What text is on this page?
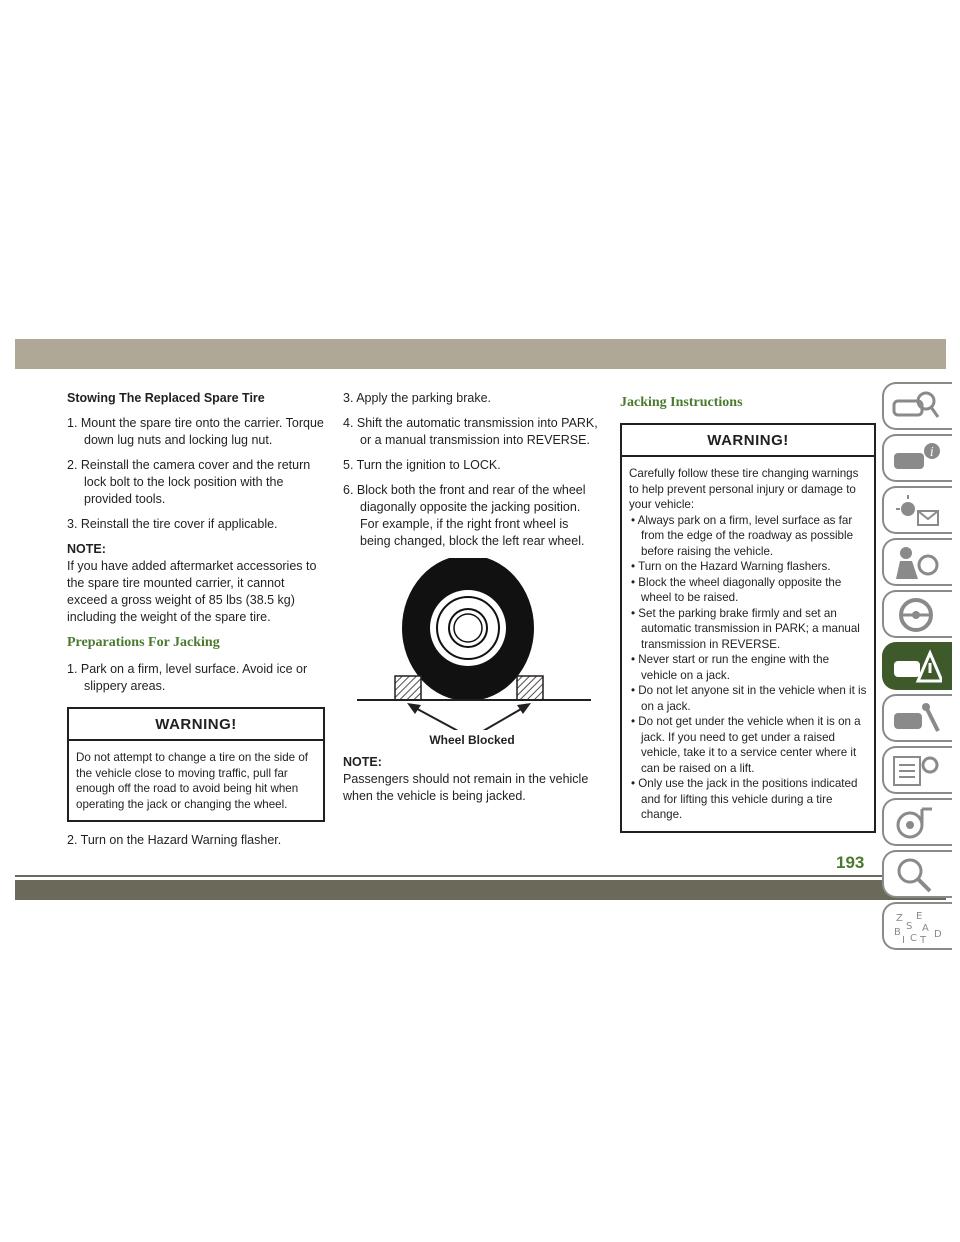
Stowing The Replaced Spare Tire
1. Mount the spare tire onto the carrier. Torque down lug nuts and locking lug nut.
2. Reinstall the camera cover and the return lock bolt to the lock position with the provided tools.
3. Reinstall the tire cover if applicable.
NOTE:

If you have added aftermarket accessories to the spare tire mounted carrier, it cannot exceed a gross weight of 85 lbs (38.5 kg) including the weight of the spare tire.

Preparations For Jacking
1. Park on a firm, level surface. Avoid ice or slippery areas.
WARNING!
Do not attempt to change a tire on the side of the vehicle close to moving traffic, pull far enough off the road to avoid being hit when operating the jack or changing the wheel.
2. Turn on the Hazard Warning flasher.
3. Apply the parking brake.
4. Shift the automatic transmission into PARK, or a manual transmission into REVERSE.
5. Turn the ignition to LOCK.
6. Block both the front and rear of the wheel diagonally opposite the jacking position. For example, if the right front wheel is being changed, block the left rear wheel.
Wheel Blocked
NOTE:

Passengers should not remain in the vehicle when the vehicle is being jacked.

Jacking Instructions
WARNING!

Carefully follow these tire changing warnings to help prevent personal injury or damage to your vehicle:

• Always park on a firm, level surface as far from the edge of the roadway as possible before raising the vehicle.

• Turn on the Hazard Warning flashers.

• Block the wheel diagonally opposite the wheel to be raised.

• Set the parking brake firmly and set an automatic transmission in PARK; a manual transmission in REVERSE.

• Never start or run the engine with the vehicle on a jack.

• Do not let anyone sit in the vehicle when it is on a jack.

• Do not get under the vehicle when it is on a jack. If you need to get under a raised vehicle, take it to a service center where it can be raised on a lift.

• Only use the jack in the positions indicated and for lifting this vehicle during a tire change.

i
Z E
S A
B	D
I C T
193
